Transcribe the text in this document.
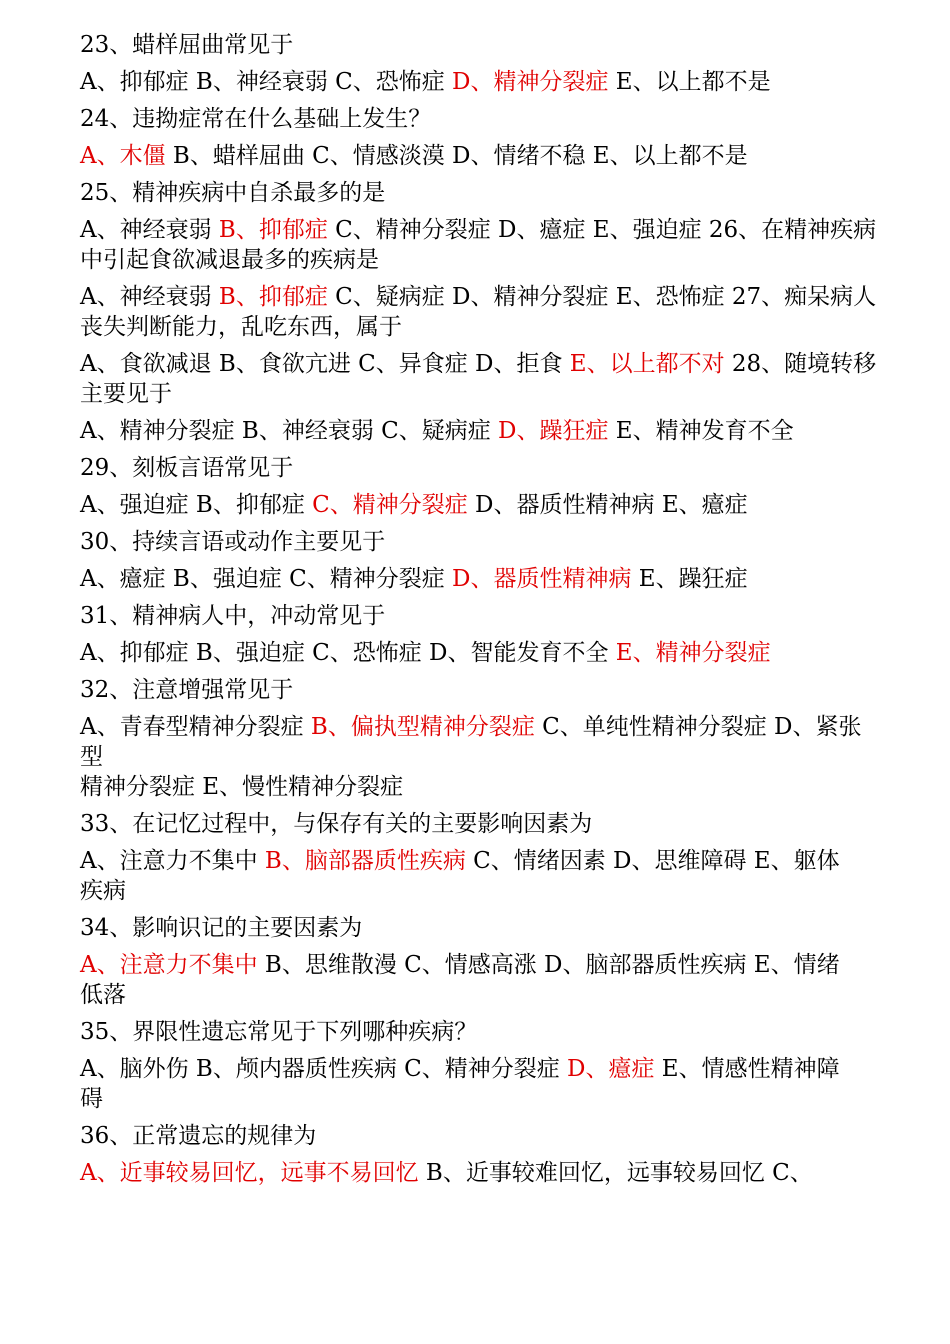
23、蜡样屈曲常见于
A、抑郁症 B、神经衰弱 C、恐怖症 D、精神分裂症 E、以上都不是
24、违拗症常在什么基础上发生？
A、木僵 B、蜡样屈曲 C、情感淡漠 D、情绪不稳 E、以上都不是
25、精神疾病中自杀最多的是
A、神经衰弱 B、抑郁症 C、精神分裂症 D、癔症 E、强迫症 26、在精神疾病中引起食欲减退最多的疾病是
A、神经衰弱 B、抑郁症 C、疑病症 D、精神分裂症 E、恐怖症 27、痴呆病人丧失判断能力，乱吃东西，属于
A、食欲减退 B、食欲亢进 C、异食症 D、拒食 E、以上都不对 28、随境转移主要见于
A、精神分裂症 B、神经衰弱 C、疑病症 D、躁狂症 E、精神发育不全
29、刻板言语常见于
A、强迫症 B、抑郁症 C、精神分裂症 D、器质性精神病 E、癔症
30、持续言语或动作主要见于
A、癔症 B、强迫症 C、精神分裂症 D、器质性精神病 E、躁狂症
31、精神病人中，冲动常见于
A、抑郁症 B、强迫症 C、恐怖症 D、智能发育不全 E、精神分裂症
32、注意增强常见于
A、青春型精神分裂症 B、偏执型精神分裂症 C、单纯性精神分裂症 D、紧张型
精神分裂症 E、慢性精神分裂症
33、在记忆过程中，与保存有关的主要影响因素为
A、注意力不集中 B、脑部器质性疾病 C、情绪因素 D、思维障碍 E、躯体
疾病
34、影响识记的主要因素为
A、注意力不集中 B、思维散漫 C、情感高涨 D、脑部器质性疾病 E、情绪
低落
35、界限性遗忘常见于下列哪种疾病？
A、脑外伤 B、颅内器质性疾病 C、精神分裂症 D、癔症 E、情感性精神障
碍
36、正常遗忘的规律为
A、近事较易回忆，远事不易回忆 B、近事较难回忆，远事较易回忆 C、
